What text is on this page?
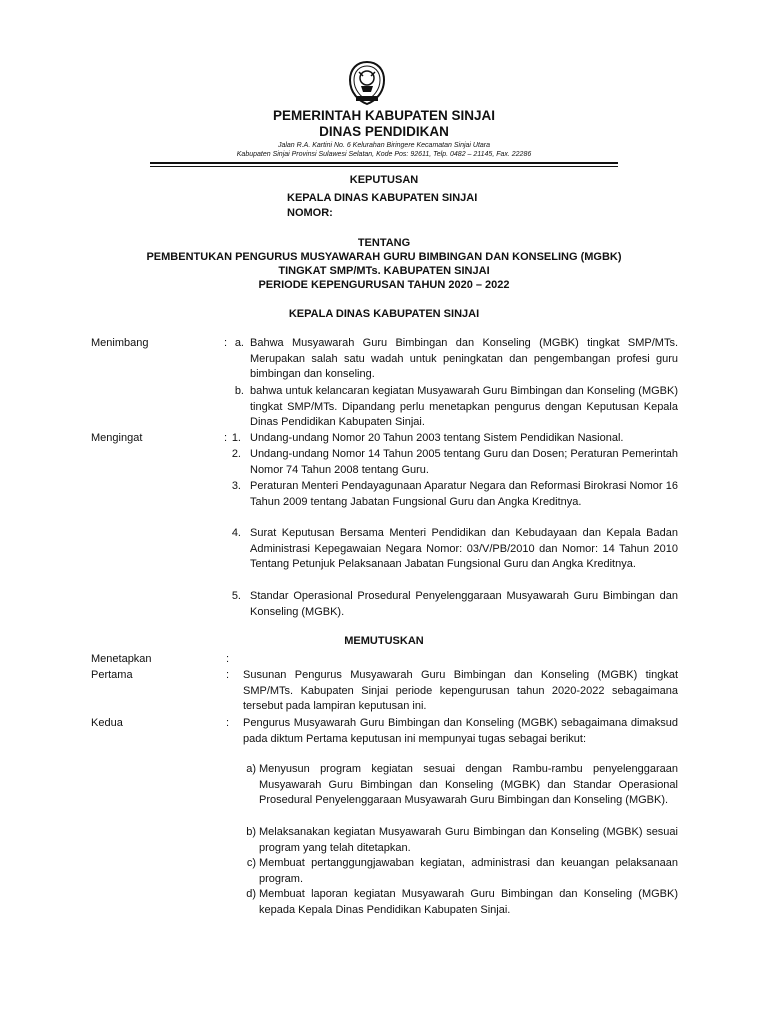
PEMERINTAH KABUPATEN SINJAI
DINAS PENDIDIKAN
Jalan R.A. Kartini No. 6 Kelurahan Biringere Kecamatan Sinjai Utara
Kabupaten Sinjai Provinsi Sulawesi Selatan, Kode Pos: 92611, Telp. 0482 – 21145, Fax. 22286
KEPUTUSAN
KEPALA DINAS KABUPATEN SINJAI
NOMOR:
TENTANG
PEMBENTUKAN PENGURUS MUSYAWARAH GURU BIMBINGAN DAN KONSELING (MGBK)
TINGKAT SMP/MTs. KABUPATEN SINJAI
PERIODE KEPENGURUSAN TAHUN 2020 – 2022
KEPALA DINAS KABUPATEN SINJAI
Menimbang	: a. Bahwa Musyawarah Guru Bimbingan dan Konseling (MGBK) tingkat SMP/MTs. Merupakan salah satu wadah untuk peningkatan dan pengembangan profesi guru bimbingan dan konseling.
b. bahwa untuk kelancaran kegiatan Musyawarah Guru Bimbingan dan Konseling (MGBK) tingkat SMP/MTs. Dipandang perlu menetapkan pengurus dengan Keputusan Kepala Dinas Pendidikan Kabupaten Sinjai.
Mengingat	: 1. Undang-undang Nomor 20 Tahun 2003 tentang Sistem Pendidikan Nasional.
2. Undang-undang Nomor 14 Tahun 2005 tentang Guru dan Dosen; Peraturan Pemerintah Nomor 74 Tahun 2008 tentang Guru.
3. Peraturan Menteri Pendayagunaan Aparatur Negara dan Reformasi Birokrasi Nomor 16 Tahun 2009 tentang Jabatan Fungsional Guru dan Angka Kreditnya.
4. Surat Keputusan Bersama Menteri Pendidikan dan Kebudayaan dan Kepala Badan Administrasi Kepegawaian Negara Nomor: 03/V/PB/2010 dan Nomor: 14 Tahun 2010 Tentang Petunjuk Pelaksanaan Jabatan Fungsional Guru dan Angka Kreditnya.
5. Standar Operasional Prosedural Penyelenggaraan Musyawarah Guru Bimbingan dan Konseling (MGBK).
MEMUTUSKAN
Menetapkan	:
Pertama	: Susunan Pengurus Musyawarah Guru Bimbingan dan Konseling (MGBK) tingkat SMP/MTs. Kabupaten Sinjai periode kepengurusan tahun 2020-2022 sebagaimana tersebut pada lampiran keputusan ini.
Kedua	: Pengurus Musyawarah Guru Bimbingan dan Konseling (MGBK) sebagaimana dimaksud pada diktum Pertama keputusan ini mempunyai tugas sebagai berikut:
a) Menyusun program kegiatan sesuai dengan Rambu-rambu penyelenggaraan Musyawarah Guru Bimbingan dan Konseling (MGBK) dan Standar Operasional Prosedural Penyelenggaraan Musyawarah Guru Bimbingan dan Konseling (MGBK).
b) Melaksanakan kegiatan Musyawarah Guru Bimbingan dan Konseling (MGBK) sesuai program yang telah ditetapkan.
c) Membuat pertanggungjawaban kegiatan, administrasi dan keuangan pelaksanaan program.
d) Membuat laporan kegiatan Musyawarah Guru Bimbingan dan Konseling (MGBK) kepada Kepala Dinas Pendidikan Kabupaten Sinjai.
